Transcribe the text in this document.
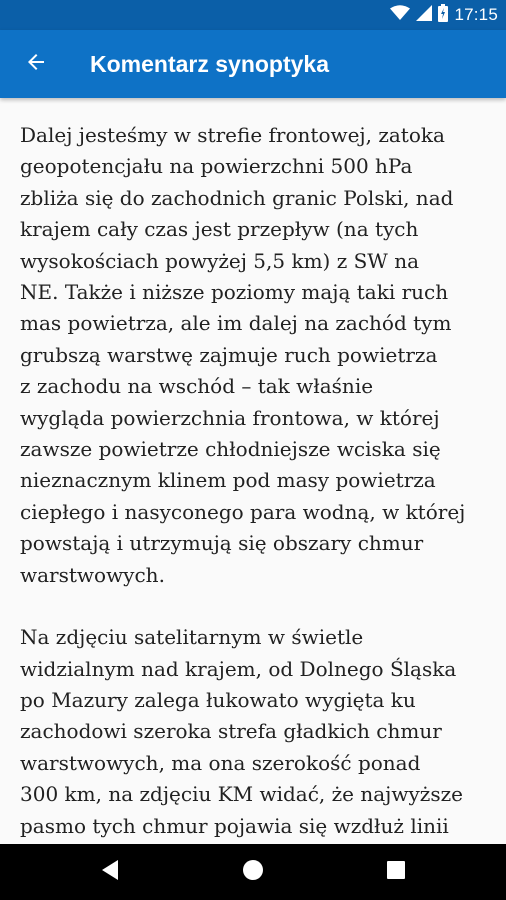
17:15
Komentarz synoptyka

Dalej jesteśmy w strefie frontowej, zatoka
geopotencjału na powierzchni 500 hPa
zbliża się do zachodnich granic Polski, nad
krajem cały czas jest przepływ (na tych
wysokościach powyżej 5,5 km) z SW na
NE. Także i niższe poziomy mają taki ruch
mas powietrza, ale im dalej na zachód tym
grubszą warstwę zajmuje ruch powietrza
z zachodu na wschód – tak właśnie
wygląda powierzchnia frontowa, w której
zawsze powietrze chłodniejsze wciska się
nieznacznym klinem pod masy powietrza
ciepłego i nasyconego para wodną, w której
powstają i utrzymują się obszary chmur
warstwowych.

Na zdjęciu satelitarnym w świetle
widzialnym nad krajem, od Dolnego Śląska
po Mazury zalega łukowato wygięta ku
zachodowi szeroka strefa gładkich chmur
warstwowych, ma ona szerokość ponad
300 km, na zdjęciu KM widać, że najwyższe
pasmo tych chmur pojawia się wzdłuż linii
